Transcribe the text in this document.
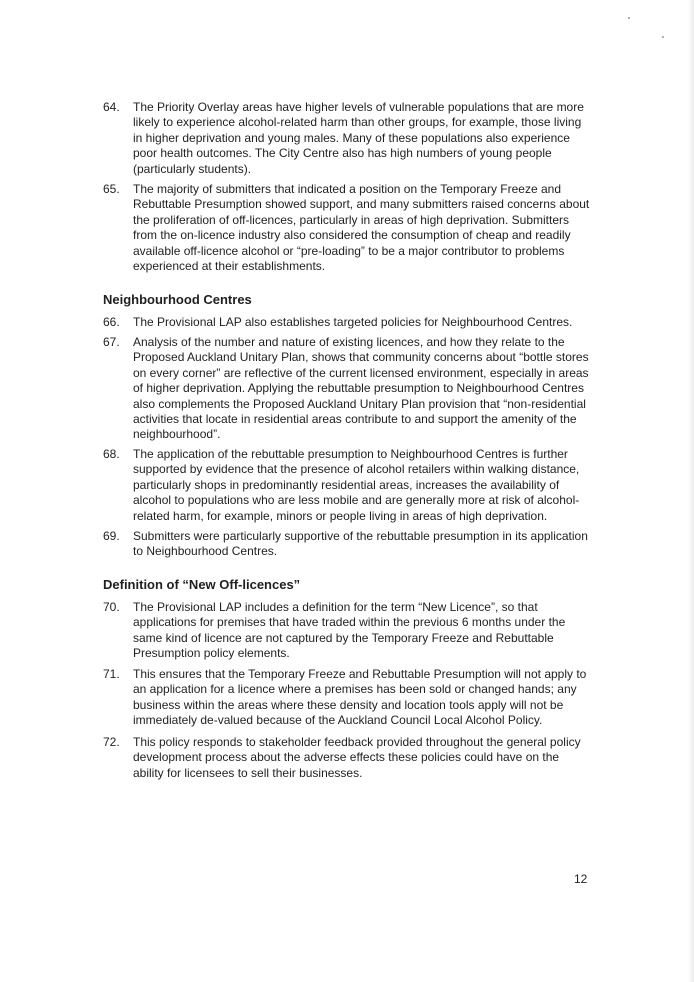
64. The Priority Overlay areas have higher levels of vulnerable populations that are more likely to experience alcohol-related harm than other groups, for example, those living in higher deprivation and young males. Many of these populations also experience poor health outcomes. The City Centre also has high numbers of young people (particularly students).
65. The majority of submitters that indicated a position on the Temporary Freeze and Rebuttable Presumption showed support, and many submitters raised concerns about the proliferation of off-licences, particularly in areas of high deprivation. Submitters from the on-licence industry also considered the consumption of cheap and readily available off-licence alcohol or “pre-loading” to be a major contributor to problems experienced at their establishments.
Neighbourhood Centres
66. The Provisional LAP also establishes targeted policies for Neighbourhood Centres.
67. Analysis of the number and nature of existing licences, and how they relate to the Proposed Auckland Unitary Plan, shows that community concerns about “bottle stores on every corner” are reflective of the current licensed environment, especially in areas of higher deprivation. Applying the rebuttable presumption to Neighbourhood Centres also complements the Proposed Auckland Unitary Plan provision that “non-residential activities that locate in residential areas contribute to and support the amenity of the neighbourhood”.
68. The application of the rebuttable presumption to Neighbourhood Centres is further supported by evidence that the presence of alcohol retailers within walking distance, particularly shops in predominantly residential areas, increases the availability of alcohol to populations who are less mobile and are generally more at risk of alcohol-related harm, for example, minors or people living in areas of high deprivation.
69. Submitters were particularly supportive of the rebuttable presumption in its application to Neighbourhood Centres.
Definition of “New Off-licences”
70. The Provisional LAP includes a definition for the term “New Licence”, so that applications for premises that have traded within the previous 6 months under the same kind of licence are not captured by the Temporary Freeze and Rebuttable Presumption policy elements.
71. This ensures that the Temporary Freeze and Rebuttable Presumption will not apply to an application for a licence where a premises has been sold or changed hands; any business within the areas where these density and location tools apply will not be immediately de-valued because of the Auckland Council Local Alcohol Policy.
72. This policy responds to stakeholder feedback provided throughout the general policy development process about the adverse effects these policies could have on the ability for licensees to sell their businesses.
12
